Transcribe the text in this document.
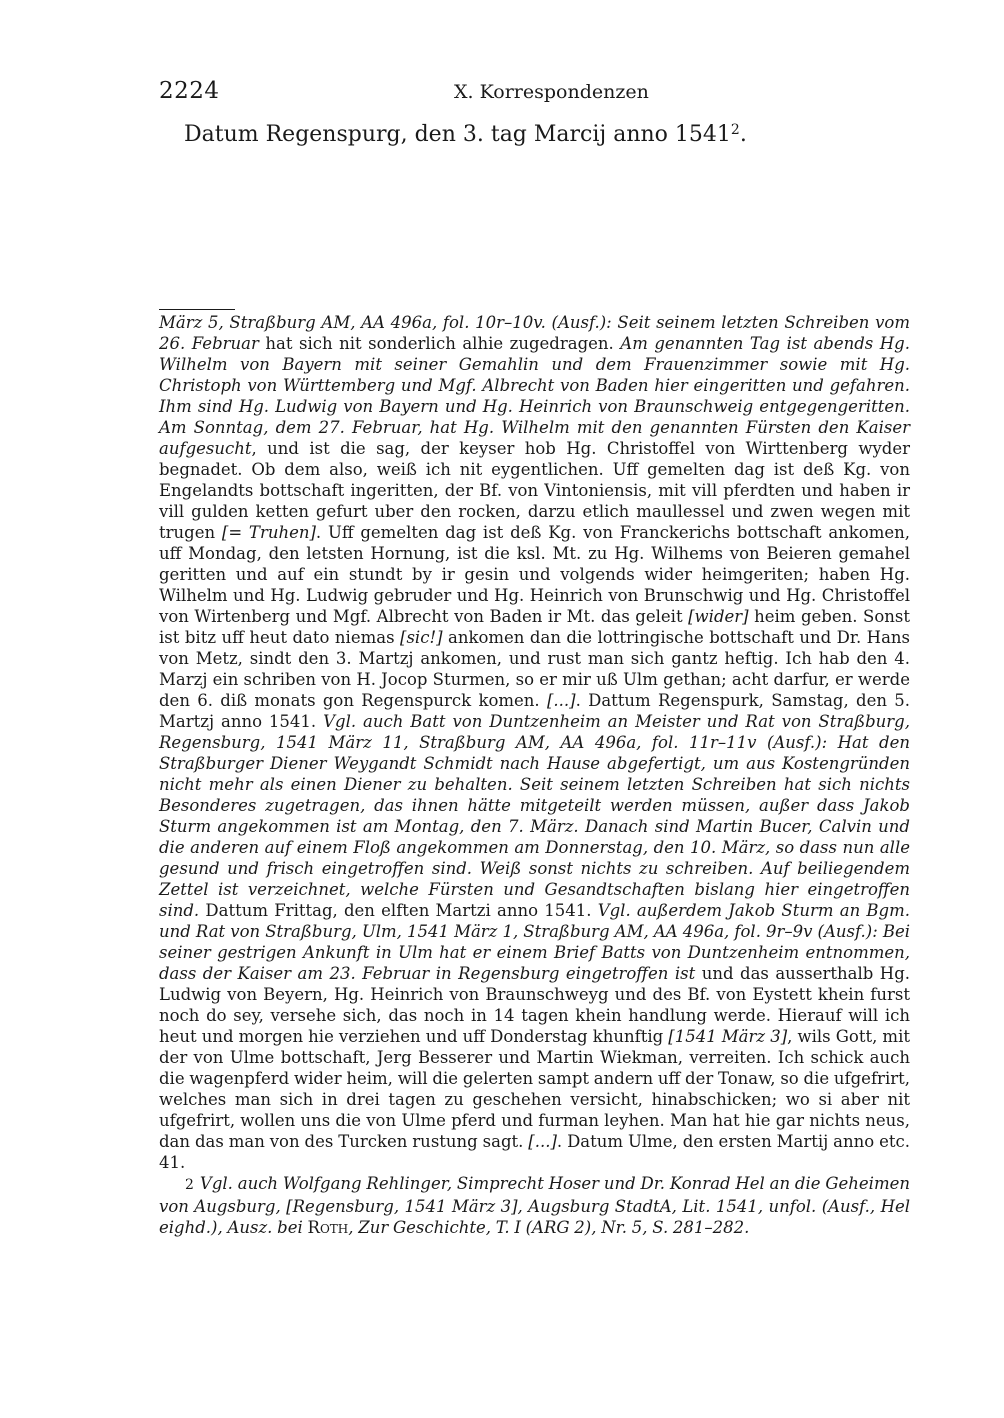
2224	X. Korrespondenzen
Datum Regenspurg, den 3. tag Marcij anno 1541$^2$.

März 5, Straßburg AM, AA 496a, fol. 10r–10v. (Ausf.): Seit seinem letzten Schreiben vom 26. Februar hat sich nit sonderlich alhie zugedragen. Am genannten Tag ist abends Hg. Wilhelm von Bayern mit seiner Gemahlin und dem Frauenzimmer sowie mit Hg. Christoph von Württemberg und Mgf. Albrecht von Baden hier eingeritten und gefahren. Ihm sind Hg. Ludwig von Bayern und Hg. Heinrich von Braunschweig entgegengeritten. Am Sonntag, dem 27. Februar, hat Hg. Wilhelm mit den genannten Fürsten den Kaiser aufgesucht, und ist die sag, der keyser hob Hg. Christoffel von Wirttenberg wyder begnadet. Ob dem also, weiß ich nit eygentlichen. Uff gemelten dag ist deß Kg. von Engelandts bottschaft ingeritten, der Bf. von Vintoniensis, mit vill pferdten und haben ir vill gulden ketten gefurt uber den rocken, darzu etlich maullessel und zwen wegen mit trugen [= Truhen]. Uff gemelten dag ist deß Kg. von Franckerichs bottschaft ankomen, uff Mondag, den letsten Hornung, ist die ksl. Mt. zu Hg. Wilhems von Beieren gemahel geritten und auf ein stundt by ir gesin und volgends wider heimgeriten; haben Hg. Wilhelm und Hg. Ludwig gebruder und Hg. Heinrich von Brunschwig und Hg. Christoffel von Wirtenberg und Mgf. Albrecht von Baden ir Mt. das geleit [wider] heim geben. Sonst ist bitz uff heut dato niemas [sic!] ankomen dan die lottringische bottschaft und Dr. Hans von Metz, sindt den 3. Martzj ankomen, und rust man sich gantz heftig. Ich hab den 4. Marzj ein schriben von H. Jocop Sturmen, so er mir uß Ulm gethan; acht darfur, er werde den 6. diß monats gon Regenspurck komen. [...]. Dattum Regenspurk, Samstag, den 5. Martzj anno 1541. Vgl. auch Batt von Duntzenheim an Meister und Rat von Straßburg, Regensburg, 1541 März 11, Straßburg AM, AA 496a, fol. 11r–11v (Ausf.): Hat den Straßburger Diener Weygandt Schmidt nach Hause abgefertigt, um aus Kostengründen nicht mehr als einen Diener zu behalten. Seit seinem letzten Schreiben hat sich nichts Besonderes zugetragen, das ihnen hätte mitgeteilt werden müssen, außer dass Jakob Sturm angekommen ist am Montag, den 7. März. Danach sind Martin Bucer, Calvin und die anderen auf einem Floß angekommen am Donnerstag, den 10. März, so dass nun alle gesund und frisch eingetroffen sind. Weiß sonst nichts zu schreiben. Auf beiliegendem Zettel ist verzeichnet, welche Fürsten und Gesandtschaften bislang hier eingetroffen sind. Dattum Frittag, den elften Martzi anno 1541. Vgl. außerdem Jakob Sturm an Bgm. und Rat von Straßburg, Ulm, 1541 März 1, Straßburg AM, AA 496a, fol. 9r–9v (Ausf.): Bei seiner gestrigen Ankunft in Ulm hat er einem Brief Batts von Duntzenheim entnommen, dass der Kaiser am 23. Februar in Regensburg eingetroffen ist und das ausserthalb Hg. Ludwig von Beyern, Hg. Heinrich von Braunschweyg und des Bf. von Eystett khein furst noch do sey, versehe sich, das noch in 14 tagen khein handlung werde. Hierauf will ich heut und morgen hie verziehen und uff Donderstag khunftig [1541 März 3], wils Gott, mit der von Ulme bottschaft, Jerg Besserer und Martin Wiekman, verreiten. Ich schick auch die wagenpferd wider heim, will die gelerten sampt andern uff der Tonaw, so die ufgefrirt, welches man sich in drei tagen zu geschehen versicht, hinabschicken; wo si aber nit ufgefrirt, wollen uns die von Ulme pferd und furman leyhen. Man hat hie gar nichts neus, dan das man von des Turcken rustung sagt. [...]. Datum Ulme, den ersten Martij anno etc. 41.

2 Vgl. auch Wolfgang Rehlinger, Simprecht Hoser und Dr. Konrad Hel an die Geheimen von Augsburg, [Regensburg, 1541 März 3], Augsburg StadtA, Lit. 1541, unfol. (Ausf., Hel eighd.), Ausz. bei Roth, Zur Geschichte, T. I (ARG 2), Nr. 5, S. 281–282.
